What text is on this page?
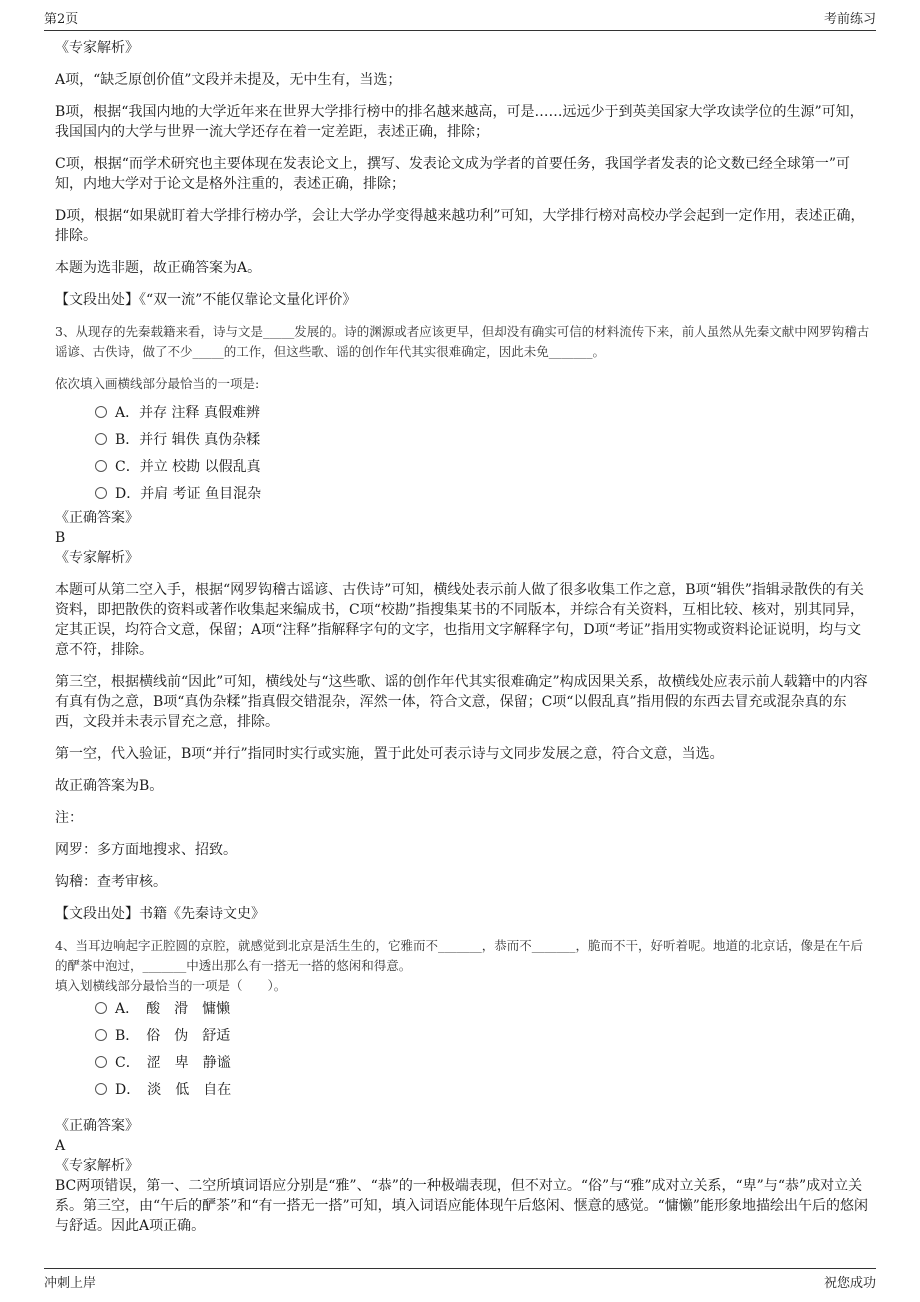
第2页	考前练习

《专家解析》

A项，“缺乏原创价值”文段并未提及，无中生有，当选；

B项，根据“我国内地的大学近年来在世界大学排行榜中的排名越来越高，可是……远远少于到英美国家大学攻读学位的生源”可知，我国国内的大学与世界一流大学还存在着一定差距，表述正确，排除；

C项，根据“而学术研究也主要体现在发表论文上，撰写、发表论文成为学者的首要任务，我国学者发表的论文数已经全球第一”可知，内地大学对于论文是格外注重的，表述正确，排除；

D项，根据“如果就盯着大学排行榜办学，会让大学办学变得越来越功利”可知，大学排行榜对高校办学会起到一定作用，表述正确，排除。

本题为选非题，故正确答案为A。

【文段出处】《“双一流”不能仅靠论文量化评价》

3、从现存的先秦载籍来看，诗与文是_____发展的。诗的渊源或者应该更早，但却没有确实可信的材料流传下来，前人虽然从先秦文献中网罗钩稽古谣谚、古佚诗，做了不少_____的工作，但这些歌、谣的创作年代其实很难确定，因此未免_______。

依次填入画横线部分最恰当的一项是:

A．并存 注释 真假难辨
B．并行 辑佚 真伪杂糅
C．并立 校勘 以假乱真
D．并肩 考证 鱼目混杂

《正确答案》

B

《专家解析》

本题可从第二空入手，根据“网罗钩稽古谣谚、古佚诗”可知，横线处表示前人做了很多收集工作之意，B项“辑佚”指辑录散佚的有关资料，即把散佚的资料或著作收集起来编成书，C项“校勘”指搜集某书的不同版本，并综合有关资料，互相比较、核对，别其同异，定其正误，均符合文意，保留；A项“注释”指解释字句的文字，也指用文字解释字句，D项“考证”指用实物或资料论证说明，均与文意不符，排除。

第三空，根据横线前“因此”可知，横线处与“这些歌、谣的创作年代其实很难确定”构成因果关系，故横线处应表示前人载籍中的内容有真有伪之意，B项“真伪杂糅”指真假交错混杂，浑然一体，符合文意，保留；C项“以假乱真”指用假的东西去冒充或混杂真的东西，文段并未表示冒充之意，排除。

第一空，代入验证，B项“并行”指同时实行或实施，置于此处可表示诗与文同步发展之意，符合文意，当选。

故正确答案为B。

注：

网罗：多方面地搜求、招致。

钩稽：查考审核。

【文段出处】书籍《先秦诗文史》

4、当耳边响起字正腔圆的京腔，就感觉到北京是活生生的，它雅而不_______，恭而不_______，脆而不干，好听着呢。地道的北京话，像是在午后的酽茶中泡过，_______中透出那么有一搭无一搭的悠闲和得意。

填入划横线部分最恰当的一项是（　　）。

A．　酸　滑　慵懒
B．　俗　伪　舒适
C．　涩　卑　静谧
D．　淡　低　自在

《正确答案》

A

《专家解析》

BC两项错误，第一、二空所填词语应分别是“雅”、“恭”的一种极端表现，但不对立。“俗”与“雅”成对立关系，“卑”与“恭”成对立关系。第三空，由“午后的酽茶”和“有一搭无一搭”可知，填入词语应能体现午后悠闲、惬意的感觉。“慵懒”能形象地描绘出午后的悠闲与舒适。因此A项正确。

冲刺上岸	祝您成功
